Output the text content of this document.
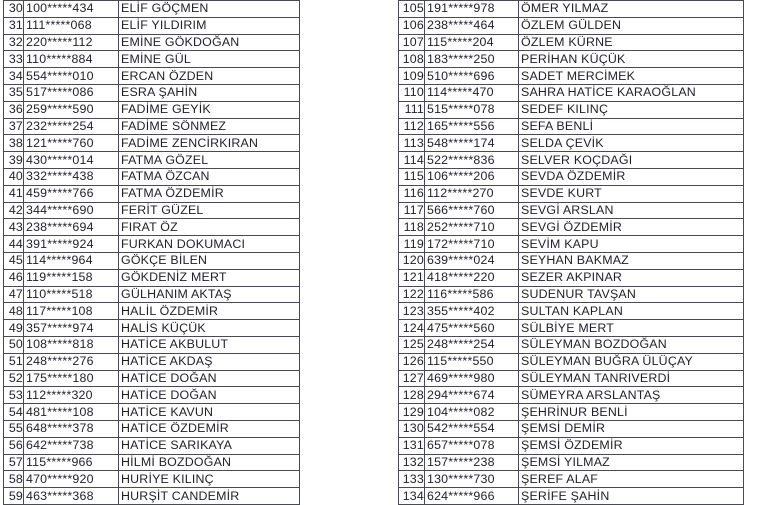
30	100*****434	ELİF GÖÇMEN
31	111*****068	ELİF YILDIRIM
32	220*****112	EMİNE GÖKDOĞAN
33	110*****884	EMİNE GÜL
34	554*****010	ERCAN ÖZDEN
35	517*****086	ESRA ŞAHİN
36	259*****590	FADİME GEYİK
37	232*****254	FADİME SÖNMEZ
38	121*****760	FADİME ZENCİRKIRAN
39	430*****014	FATMA GÖZEL
40	332*****438	FATMA ÖZCAN
41	459*****766	FATMA ÖZDEMİR
42	344*****690	FERİT GÜZEL
43	238*****694	FIRAT ÖZ
44	391*****924	FURKAN DOKUMACI
45	114*****964	GÖKÇE BİLEN
46	119*****158	GÖKDENİZ MERT
47	110*****518	GÜLHANIM AKTAŞ
48	117*****108	HALİL ÖZDEMİR
49	357*****974	HALİS KÜÇÜK
50	108*****818	HATİCE AKBULUT
51	248*****276	HATİCE AKDAŞ
52	175*****180	HATİCE DOĞAN
53	112*****320	HATİCE DOĞAN
54	481*****108	HATİCE KAVUN
55	648*****378	HATİCE ÖZDEMİR
56	642*****738	HATİCE SARIKAYA
57	115*****966	HİLMİ BOZDOĞAN
58	470*****920	HURİYE KILINÇ
59	463*****368	HURŞİT CANDEMİR
105	191*****978	ÖMER YILMAZ
106	238*****464	ÖZLEM GÜLDEN
107	115*****204	ÖZLEM KÜRNE
108	183*****250	PERİHAN KÜÇÜK
109	510*****696	SADET MERCİMEK
110	114*****470	SAHRA HATİCE KARAOĞLAN
111	515*****078	SEDEF KILINÇ
112	165*****556	SEFA BENLİ
113	548*****174	SELDA ÇEVİK
114	522*****836	SELVER KOÇDAĞI
115	106*****206	SEVDA ÖZDEMİR
116	112*****270	SEVDE KURT
117	566*****760	SEVGİ ARSLAN
118	252*****710	SEVGİ ÖZDEMİR
119	172*****710	SEVİM KAPU
120	639*****024	SEYHAN BAKMAZ
121	418*****220	SEZER AKPINAR
122	116*****586	SUDENUR TAVŞAN
123	355*****402	SULTAN KAPLAN
124	475*****560	SÜLBİYE MERT
125	248*****254	SÜLEYMAN BOZDOĞAN
126	115*****550	SÜLEYMAN BUĞRA ÜLÜÇAY
127	469*****980	SÜLEYMAN TANRIVERDİ
128	294*****674	SÜMEYRA ARSLANTAŞ
129	104*****082	ŞEHRİNUR BENLİ
130	542*****554	ŞEMSİ DEMİR
131	657*****078	ŞEMSİ ÖZDEMİR
132	157*****238	ŞEMSİ YILMAZ
133	130*****730	ŞEREF ALAF
134	624*****966	ŞERİFE ŞAHİN
